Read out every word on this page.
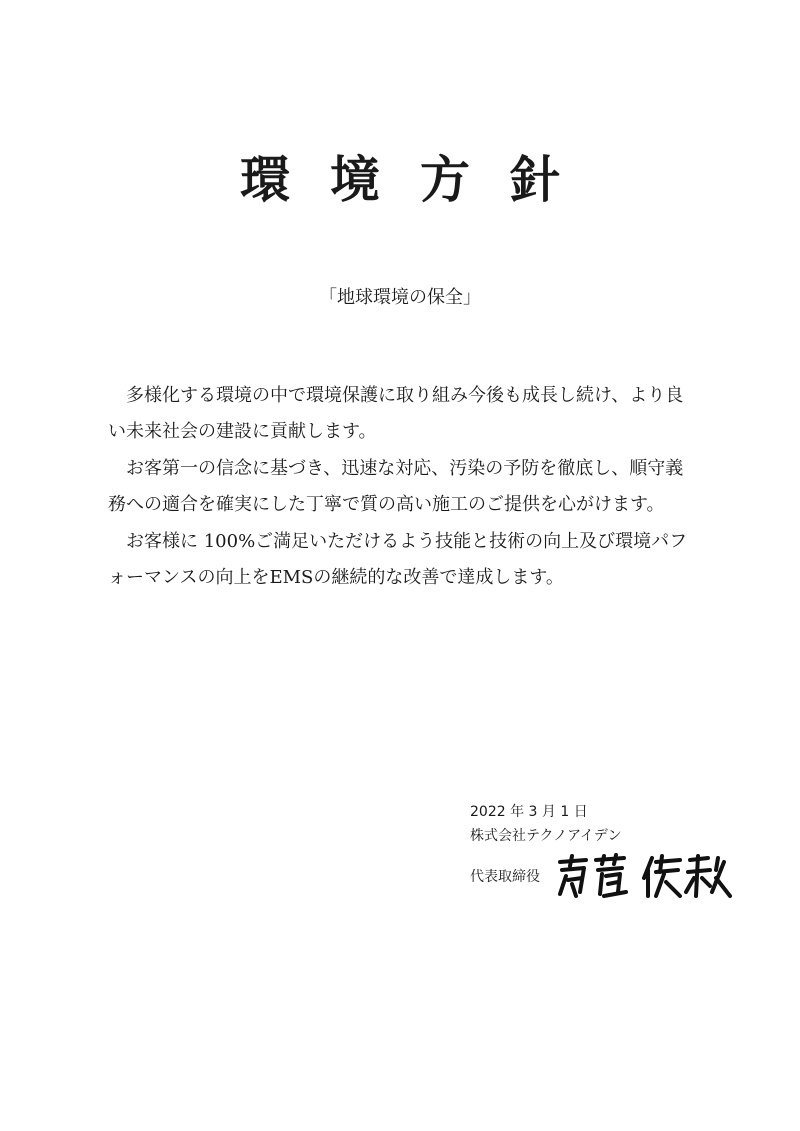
環境方針
「地球環境の保全」

多様化する環境の中で環境保護に取り組み今後も成長し続け、より良い未来社会の建設に貢献します。

お客第一の信念に基づき、迅速な対応、汚染の予防を徹底し、順守義務への適合を確実にした丁寧で質の高い施工のご提供を心がけます。

お客様に 100%ご満足いただけるよう技能と技術の向上及び環境パフォーマンスの向上をEMSの継続的な改善で達成します。

2022 年 3 月 1 日
株式会社テクノアイデン
代表取締役
